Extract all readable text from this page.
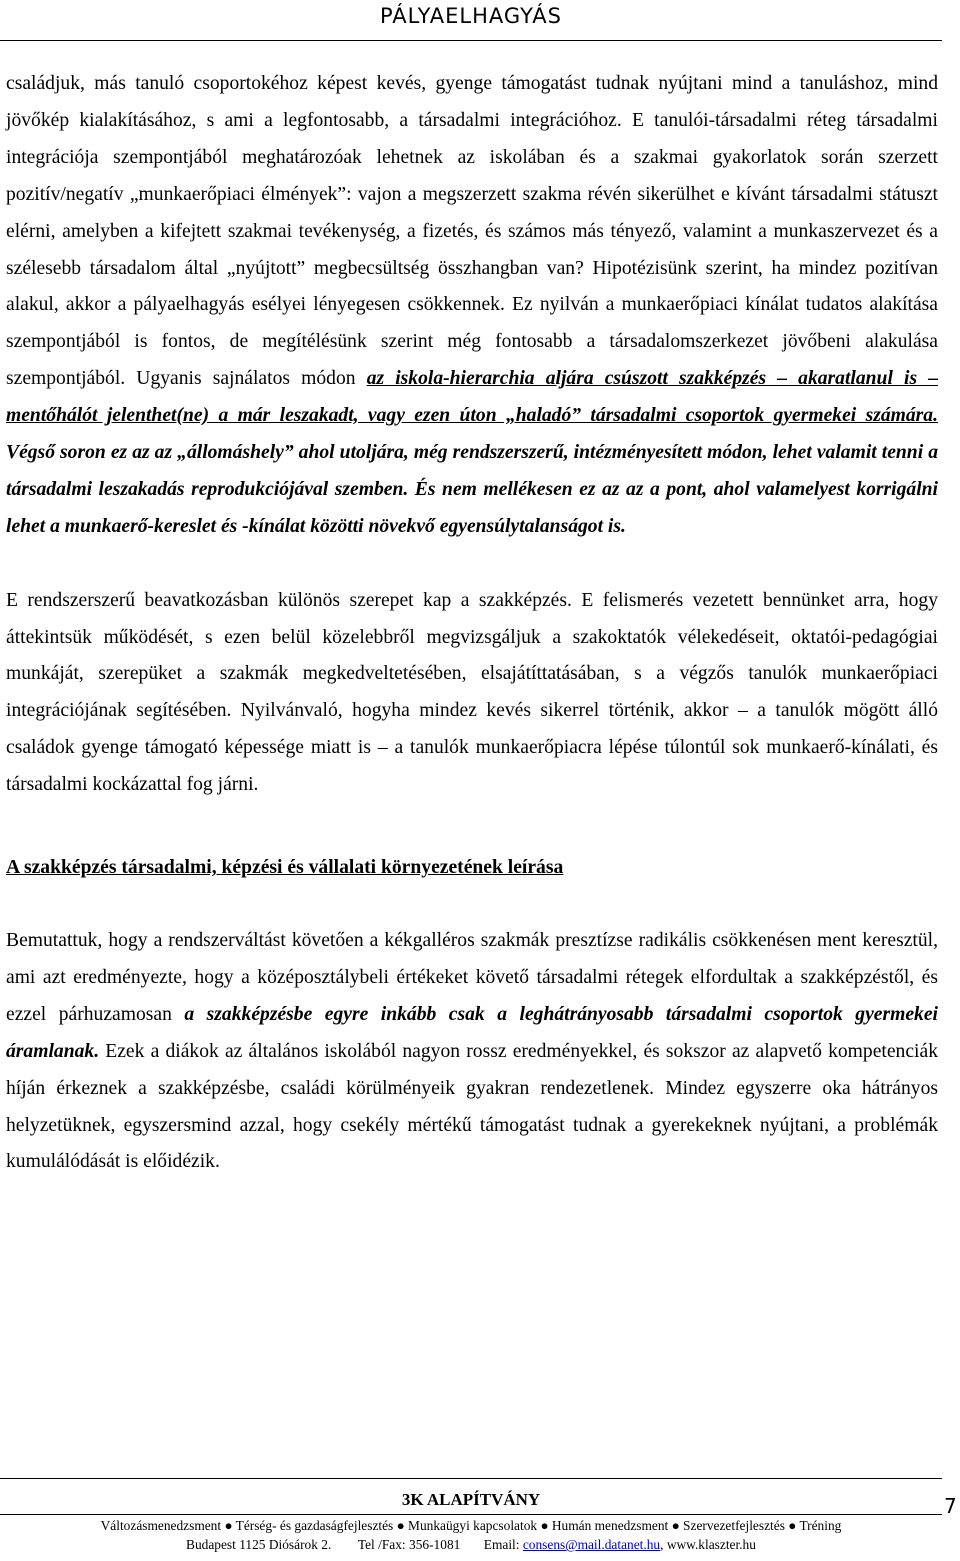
PÁLYAELHAGYÁS

családjuk, más tanuló csoportokéhoz képest kevés, gyenge támogatást tudnak nyújtani mind a tanuláshoz, mind jövőkép kialakításához, s ami a legfontosabb, a társadalmi integrációhoz. E tanulói-társadalmi réteg társadalmi integrációja szempontjából meghatározóak lehetnek az iskolában és a szakmai gyakorlatok során szerzett pozitív/negatív „munkaerőpiaci élmények”: vajon a megszerzett szakma révén sikerülhet e kívánt társadalmi státuszt elérni, amelyben a kifejtett szakmai tevékenység, a fizetés, és számos más tényező, valamint a munkaszervezet és a szélesebb társadalom által „nyújtott” megbecsültség összhangban van? Hipotézisünk szerint, ha mindez pozitívan alakul, akkor a pályaelhagyás esélyei lényegesen csökkennek. Ez nyilván a munkaerőpiaci kínálat tudatos alakítása szempontjából is fontos, de megítélésünk szerint még fontosabb a társadalomszerkezet jövőbeni alakulása szempontjából. Ugyanis sajnálatos módon az iskola-hierarchia aljára csúszott szakképzés – akaratlanul is – mentőhálót jelenthet(ne) a már leszakadt, vagy ezen úton „haladó” társadalmi csoportok gyermekei számára. Végső soron ez az az „állomáshely” ahol utoljára, még rendszerszerű, intézményesített módon, lehet valamit tenni a társadalmi leszakadás reprodukciójával szemben. És nem mellékesen ez az az a pont, ahol valamelyest korrigálni lehet a munkaerő-kereslet és -kínálat közötti növekvő egyensúlytalanságot is.

E rendszerszerű beavatkozásban különös szerepet kap a szakképzés. E felismerés vezetett bennünket arra, hogy áttekintsük működését, s ezen belül közelebbről megvizsgáljuk a szakoktatók vélekedéseit, oktatói-pedagógiai munkáját, szerepüket a szakmák megkedveltetésében, elsajátíttatásában, s a végzős tanulók munkaerőpiaci integrációjának segítésében. Nyilvánvaló, hogyha mindez kevés sikerrel történik, akkor – a tanulók mögött álló családok gyenge támogató képessége miatt is – a tanulók munkaerőpiacra lépése túlontúl sok munkaerő-kínálati, és társadalmi kockázattal fog járni.

A szakképzés társadalmi, képzési és vállalati környezetének leírása

Bemutattuk, hogy a rendszerváltást követően a kékgalléros szakmák presztízse radikális csökkenésen ment keresztül, ami azt eredményezte, hogy a középosztálybeli értékeket követő társadalmi rétegek elfordultak a szakképzéstől, és ezzel párhuzamosan a szakképzésbe egyre inkább csak a leghátrányosabb társadalmi csoportok gyermekei áramlanak. Ezek a diákok az általános iskolából nagyon rossz eredményekkel, és sokszor az alapvető kompetenciák híján érkeznek a szakképzésbe, családi körülményeik gyakran rendezetlenek. Mindez egyszerre oka hátrányos helyzetüknek, egyszersmind azzal, hogy csekély mértékű támogatást tudnak a gyerekeknek nyújtani, a problémák kumulálódását is előidézik.

3K ALAPÍTVÁNY
Változásmenedzsment ● Térség- és gazdaságfejlesztés ● Munkaügyi kapcsolatok ● Humán menedzsment ● Szervezetfejlesztés ● Tréning
Budapest 1125 Diósárok 2. Tel /Fax: 356-1081 Email: consens@mail.datanet.hu, www.klaszter.hu
7
